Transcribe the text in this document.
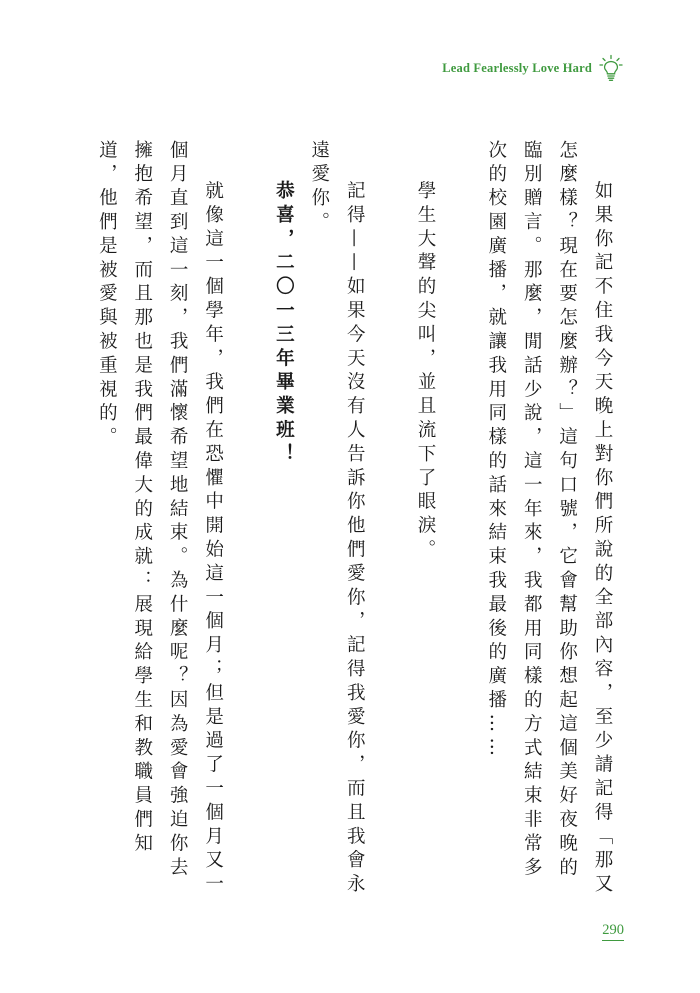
Lead Fearlessly Love Hard

如果你記不住我今天晚上對你們所說的全部內容，至少請記得「那又怎麼樣？現在要怎麼辦？」這句口號，它會幫助你想起這個美好夜晚的臨別贈言。那麼，閒話少說，這一年來，我都用同樣的方式結束非常多次的校園廣播，就讓我用同樣的話來結束我最後的廣播……

學生大聲的尖叫，並且流下了眼淚。

記得——如果今天沒有人告訴你他們愛你，記得我愛你，而且我會永遠愛你。

恭喜，二〇一三年畢業班！

就像這一個學年，我們在恐懼中開始這一個月；但是過了一個月又一個月直到這一刻，我們滿懷希望地結束。為什麼呢？因為愛會強迫你去擁抱希望，而且那也是我們最偉大的成就：展現給學生和教職員們知道，他們是被愛與被重視的。

290
